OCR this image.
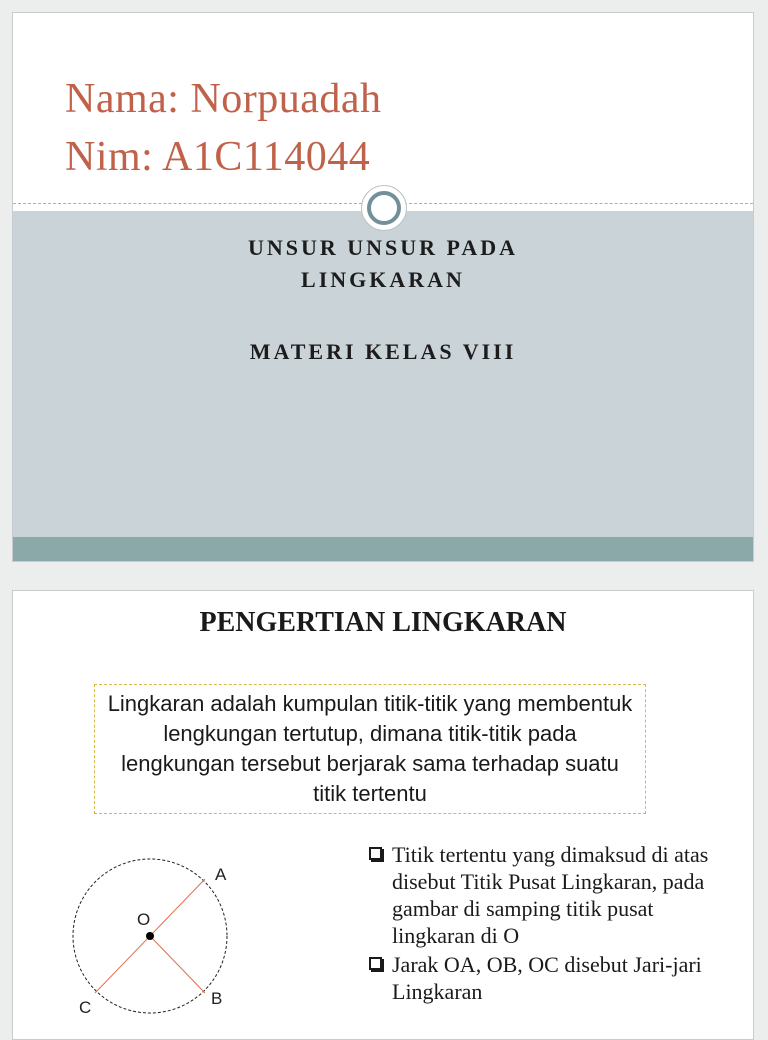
Nama: Norpuadah
Nim: A1C114044
UNSUR UNSUR PADA
LINGKARAN
MATERI KELAS VIII
PENGERTIAN LINGKARAN
Lingkaran adalah kumpulan titik-titik yang membentuk lengkungan tertutup, dimana titik-titik pada lengkungan tersebut berjarak sama terhadap suatu titik tertentu
A
B
C
O
Titik tertentu yang dimaksud di atas disebut Titik Pusat Lingkaran, pada gambar di samping titik pusat lingkaran di O
Jarak OA, OB, OC disebut Jari-jari Lingkaran
